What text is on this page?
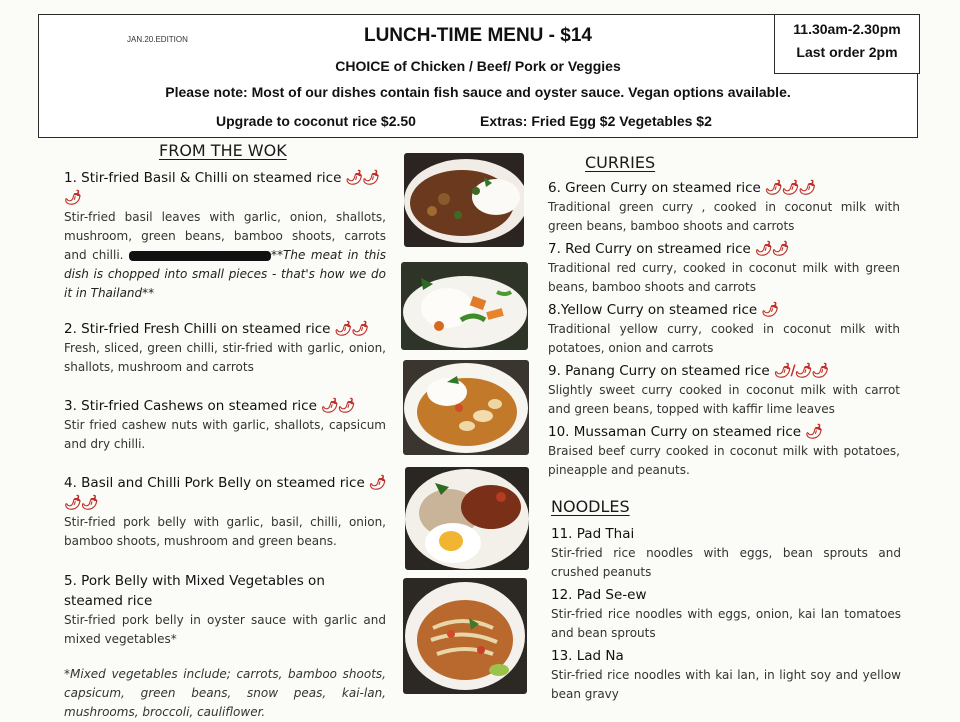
JAN.20.EDITION	LUNCH-TIME MENU - $14
CHOICE of Chicken / Beef/ Pork or Veggies
Please note: Most of our dishes contain fish sauce and oyster sauce. Vegan options available.
Upgrade to coconut rice $2.50	Extras: Fried Egg $2 Vegetables $2
11.30am-2.30pm
Last order 2pm
FROM THE WOK
1. Stir-fried Basil & Chilli on steamed rice 🌶🌶🌶
Stir-fried basil leaves with garlic, onion, shallots, mushroom, green beans, bamboo shoots, carrots and chilli.	**The meat in this dish is chopped into small pieces - that's how we do it in Thailand**
2. Stir-fried Fresh Chilli on steamed rice 🌶🌶
Fresh, sliced, green chilli, stir-fried with garlic, onion, shallots, mushroom and carrots
3. Stir-fried Cashews on steamed rice 🌶🌶
Stir fried cashew nuts with garlic, shallots, capsicum and dry chilli.
4. Basil and Chilli Pork Belly on steamed rice 🌶🌶🌶
Stir-fried pork belly with garlic, basil, chilli, onion, bamboo shoots, mushroom and green beans.
5. Pork Belly with Mixed Vegetables on steamed rice
Stir-fried pork belly in oyster sauce with garlic and mixed vegetables*
*Mixed vegetables include; carrots, bamboo shoots, capsicum, green beans, snow peas, kai-lan, mushrooms, broccoli, cauliflower.
CURRIES
6. Green Curry on steamed rice 🌶🌶🌶
Traditional green curry , cooked in coconut milk with green beans, bamboo shoots and carrots
7. Red Curry on streamed rice 🌶🌶
Traditional red curry, cooked in coconut milk with green beans, bamboo shoots and carrots
8.Yellow Curry on steamed rice 🌶
Traditional yellow curry, cooked in coconut milk with potatoes, onion and carrots
9. Panang Curry on steamed rice 🌶/🌶🌶
Slightly sweet curry cooked in coconut milk with carrot and green beans, topped with kaffir lime leaves
10. Mussaman Curry on steamed rice 🌶
Braised beef curry cooked in coconut milk with potatoes, pineapple and peanuts.
NOODLES
11. Pad Thai
Stir-fried rice noodles with eggs, bean sprouts and crushed peanuts
12. Pad Se-ew
Stir-fried rice noodles with eggs, onion, kai lan tomatoes and bean sprouts
13. Lad Na
Stir-fried rice noodles with kai lan, in light soy and yellow bean gravy
